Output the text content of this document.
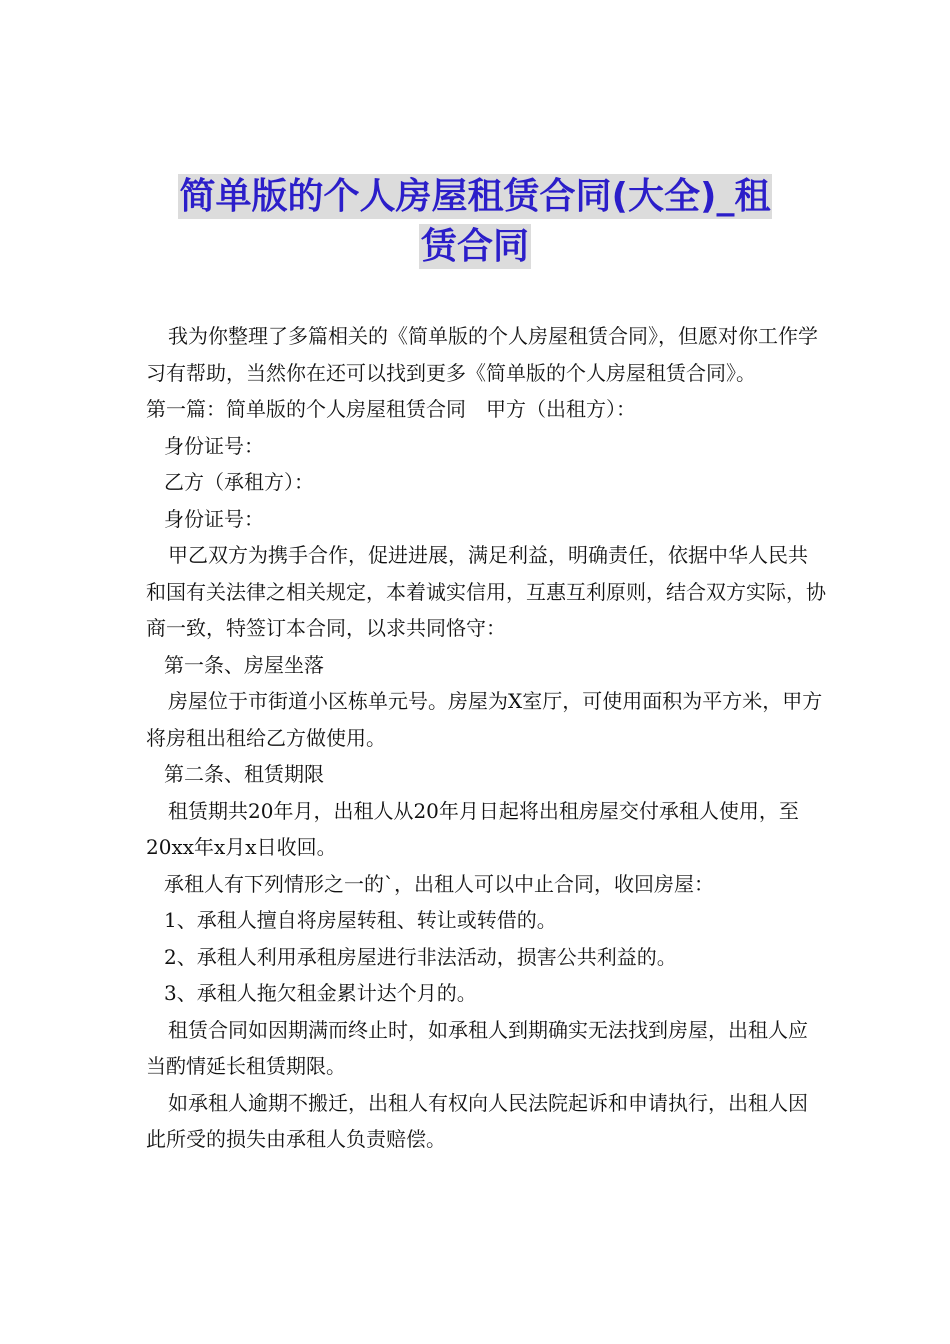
简单版的个人房屋租赁合同(大全)_租
赁合同

我为你整理了多篇相关的《简单版的个人房屋租赁合同》，但愿对你工作学习有帮助，当然你在还可以找到更多《简单版的个人房屋租赁合同》。

第一篇：简单版的个人房屋租赁合同　甲方（出租方）：

身份证号：

乙方（承租方）：

身份证号：

甲乙双方为携手合作，促进进展，满足利益，明确责任，依据中华人民共和国有关法律之相关规定，本着诚实信用，互惠互利原则，结合双方实际，协商一致，特签订本合同，以求共同恪守：

第一条、房屋坐落

房屋位于市街道小区栋单元号。房屋为X室厅，可使用面积为平方米，甲方将房租出租给乙方做使用。

第二条、租赁期限

租赁期共20年月，出租人从20年月日起将出租房屋交付承租人使用，至20xx年x月x日收回。

承租人有下列情形之一的`，出租人可以中止合同，收回房屋：

1、承租人擅自将房屋转租、转让或转借的。

2、承租人利用承租房屋进行非法活动，损害公共利益的。

3、承租人拖欠租金累计达个月的。

租赁合同如因期满而终止时，如承租人到期确实无法找到房屋，出租人应当酌情延长租赁期限。

如承租人逾期不搬迁，出租人有权向人民法院起诉和申请执行，出租人因此所受的损失由承租人负责赔偿。
